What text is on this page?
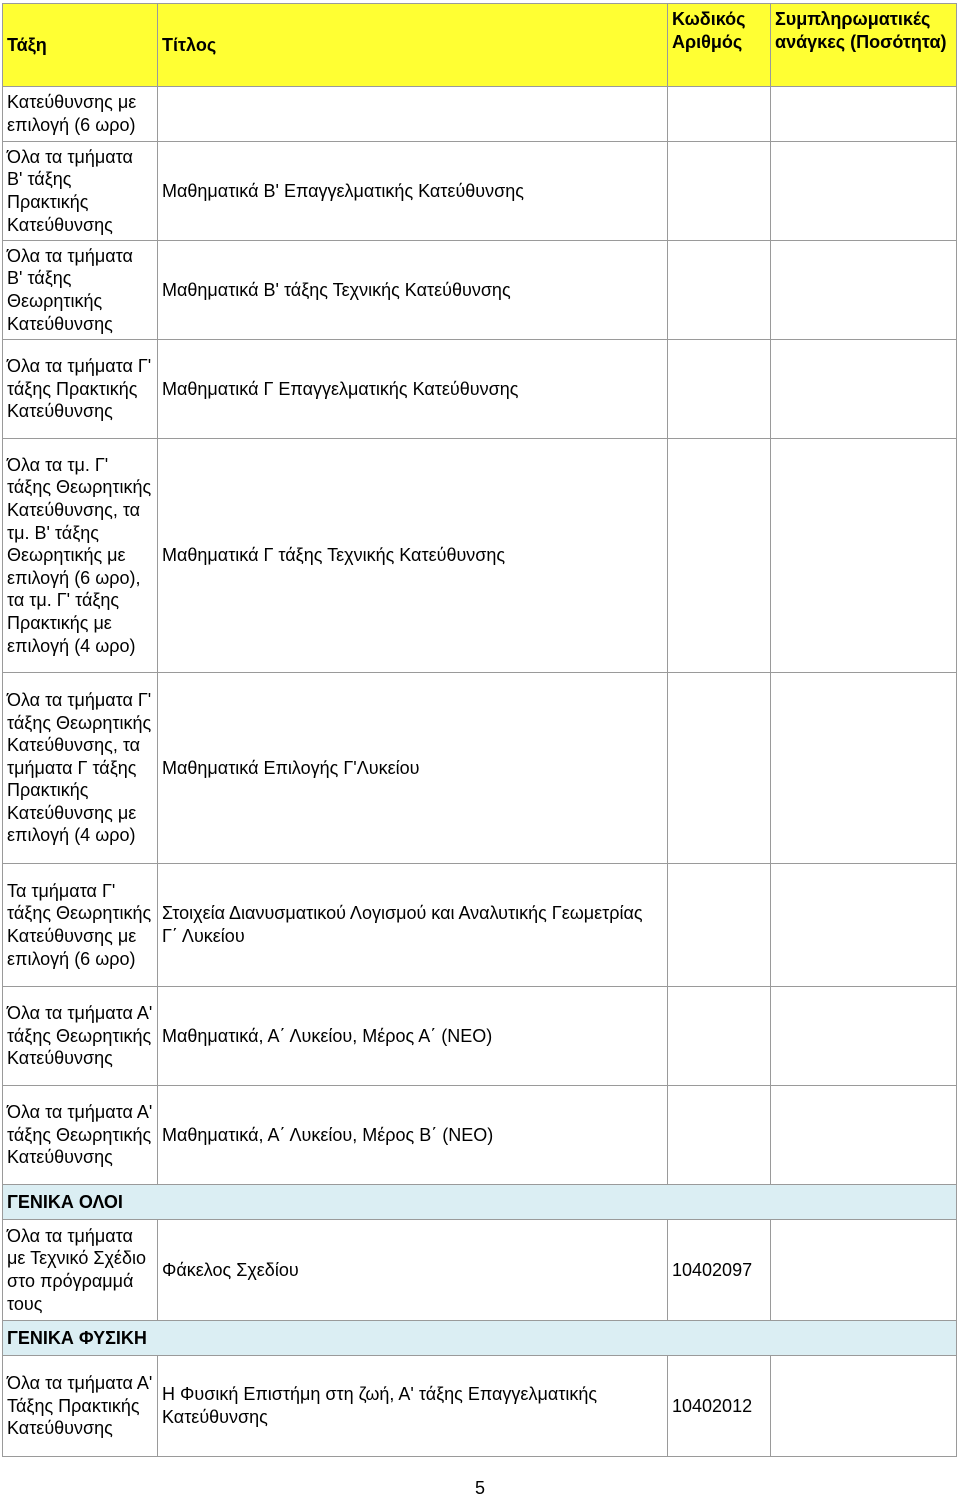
Τάξη	Τίτλος	Κωδικός Αριθμός	Συμπληρωματικές ανάγκες (Ποσότητα)
Κατεύθυνσης με επιλογή (6 ωρο)			
Όλα τα τμήματα Β' τάξης Πρακτικής Κατεύθυνσης	Μαθηματικά Β' Επαγγελματικής Κατεύθυνσης		
Όλα τα τμήματα Β' τάξης Θεωρητικής Κατεύθυνσης	Μαθηματικά Β' τάξης Τεχνικής Κατεύθυνσης		
Όλα τα τμήματα Γ' τάξης Πρακτικής Κατεύθυνσης	Μαθηματικά Γ Επαγγελματικής Κατεύθυνσης		
Όλα τα τμ. Γ' τάξης Θεωρητικής Κατεύθυνσης, τα τμ. Β' τάξης Θεωρητικής με επιλογή (6 ωρο), τα τμ. Γ' τάξης Πρακτικής με επιλογή (4 ωρο)	Μαθηματικά Γ τάξης Τεχνικής Κατεύθυνσης		
Όλα τα τμήματα Γ' τάξης Θεωρητικής Κατεύθυνσης, τα τμήματα Γ τάξης Πρακτικής Κατεύθυνσης με επιλογή (4 ωρο)	Μαθηματικά Επιλογής Γ'Λυκείου		
Τα τμήματα Γ' τάξης Θεωρητικής Κατεύθυνσης με επιλογή (6 ωρο)	Στοιχεία Διανυσματικού Λογισμού και Αναλυτικής Γεωμετρίας Γ΄ Λυκείου		
Όλα τα τμήματα Α' τάξης Θεωρητικής Κατεύθυνσης	Μαθηματικά, Α΄ Λυκείου, Μέρος Α΄ (ΝΕΟ)		
Όλα τα τμήματα Α' τάξης Θεωρητικής Κατεύθυνσης	Μαθηματικά, Α΄ Λυκείου, Μέρος Β΄ (ΝΕΟ)		
ΓΕΝΙΚΑ ΟΛΟΙ			
Όλα τα τμήματα με Τεχνικό Σχέδιο στο πρόγραμμά τους	Φάκελος Σχεδίου	10402097	
ΓΕΝΙΚΑ ΦΥΣΙΚΗ			
Όλα τα τμήματα Α' Τάξης Πρακτικής Κατεύθυνσης	Η Φυσική Επιστήμη στη ζωή, Α' τάξης Επαγγελματικής Κατεύθυνσης	10402012	
5
